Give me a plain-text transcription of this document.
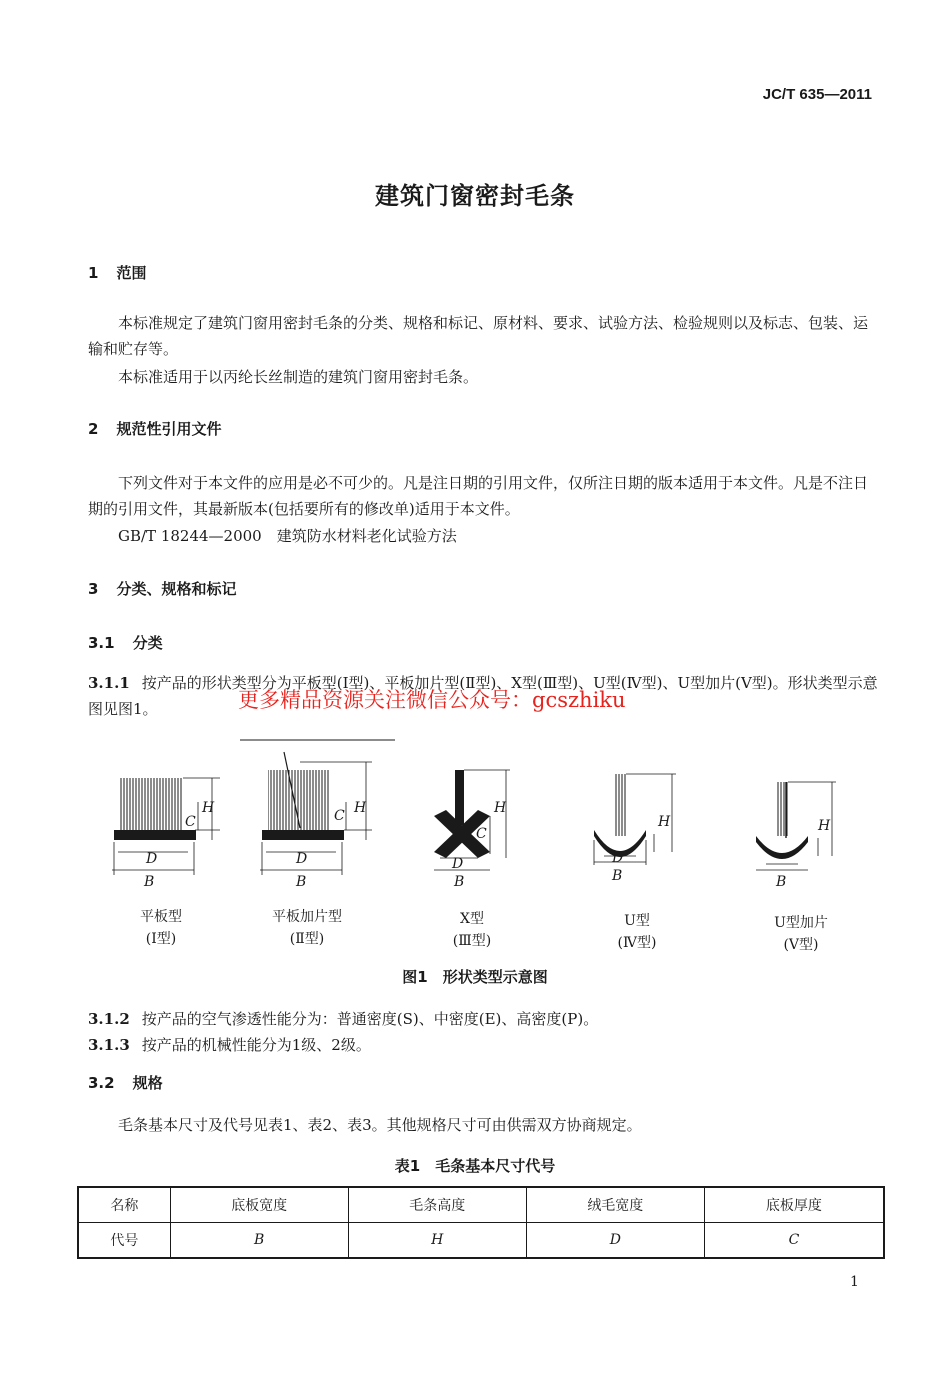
JC/T 635—2011
建筑门窗密封毛条
1 范围
本标准规定了建筑门窗用密封毛条的分类、规格和标记、原材料、要求、试验方法、检验规则以及标志、包装、运输和贮存等。
本标准适用于以丙纶长丝制造的建筑门窗用密封毛条。
2 规范性引用文件
下列文件对于本文件的应用是必不可少的。凡是注日期的引用文件，仅所注日期的版本适用于本文件。凡是不注日期的引用文件，其最新版本(包括要所有的修改单)适用于本文件。
GB/T 18244—2000　建筑防水材料老化试验方法
3 分类、规格和标记
3.1 分类
3.1.1 按产品的形状类型分为平板型(Ⅰ型)、平板加片型(Ⅱ型)、X型(Ⅲ型)、U型(Ⅳ型)、U型加片(Ⅴ型)。形状类型示意图见图1。	更多精品资源关注微信公众号：gcszhiku
C
H
D
B
C H
D
B
C
H
D
B
H
D
B
H
B
平板型
(Ⅰ型)
平板加片型
(Ⅱ型)
X型
(Ⅲ型)
U型
(Ⅳ型)
U型加片
(Ⅴ型)
图1　形状类型示意图
3.1.2 按产品的空气渗透性能分为：普通密度(S)、中密度(E)、高密度(P)。
3.1.3 按产品的机械性能分为1级、2级。
3.2 规格
毛条基本尺寸及代号见表1、表2、表3。其他规格尺寸可由供需双方协商规定。
表1　毛条基本尺寸代号
名称	底板宽度	毛条高度	绒毛宽度	底板厚度
代号	B	H	D	C
1
